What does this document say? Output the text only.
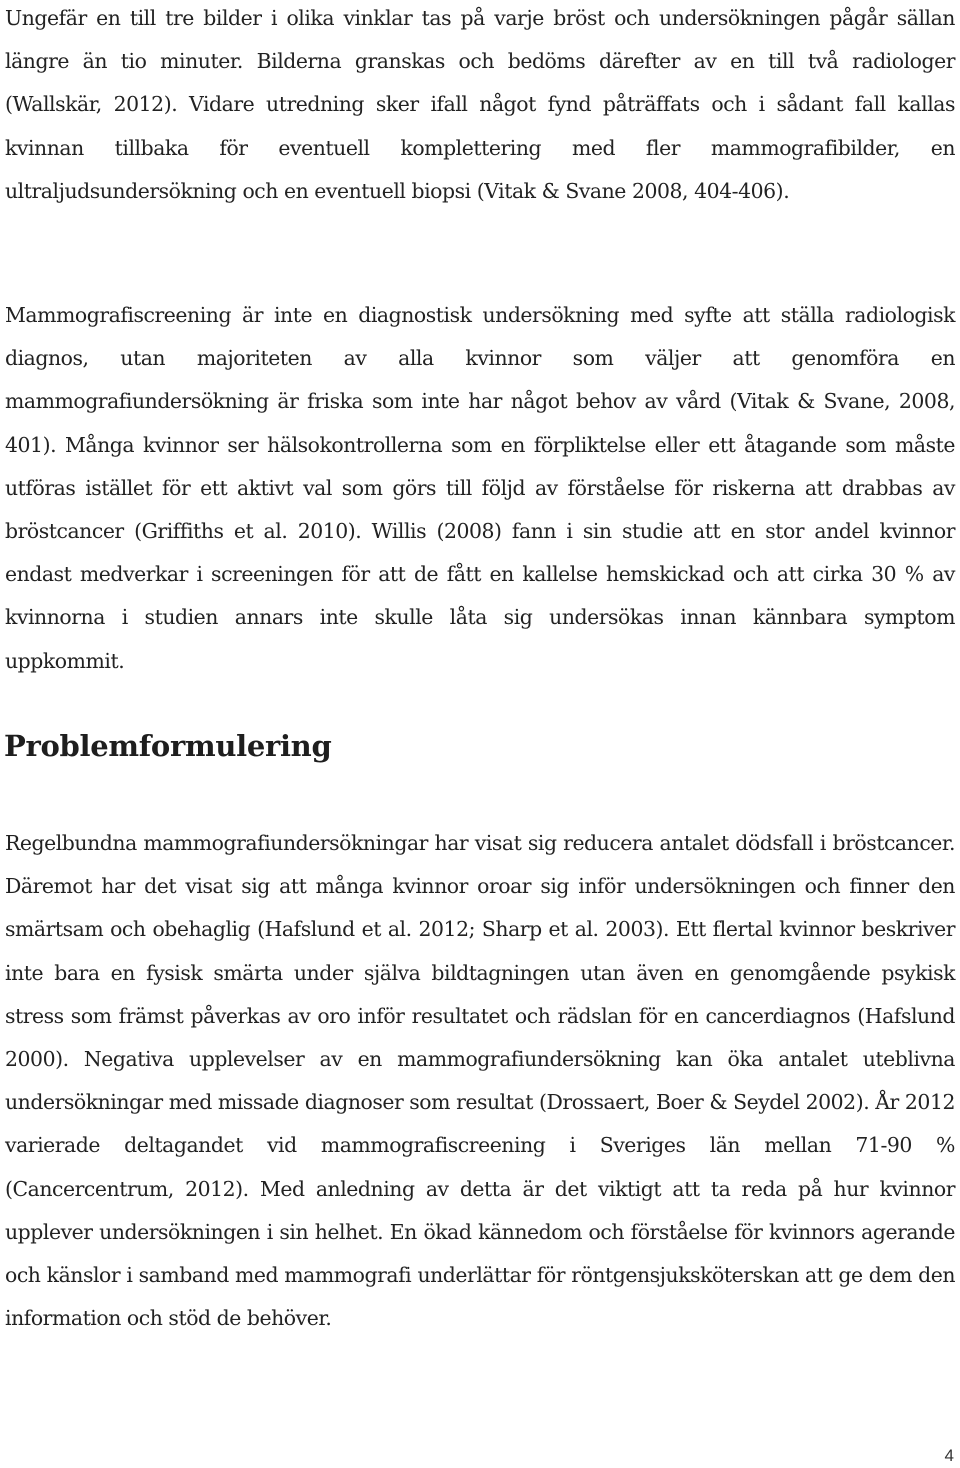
Ungefär en till tre bilder i olika vinklar tas på varje bröst och undersökningen pågår sällan längre än tio minuter. Bilderna granskas och bedöms därefter av en till två radiologer (Wallskär, 2012). Vidare utredning sker ifall något fynd påträffats och i sådant fall kallas kvinnan tillbaka för eventuell komplettering med fler mammografibilder, en ultraljudsundersökning och en eventuell biopsi (Vitak & Svane 2008, 404-406).

Mammografiscreening är inte en diagnostisk undersökning med syfte att ställa radiologisk diagnos, utan majoriteten av alla kvinnor som väljer att genomföra en mammografiundersökning är friska som inte har något behov av vård (Vitak & Svane, 2008, 401). Många kvinnor ser hälsokontrollerna som en förpliktelse eller ett åtagande som måste utföras istället för ett aktivt val som görs till följd av förståelse för riskerna att drabbas av bröstcancer (Griffiths et al. 2010). Willis (2008) fann i sin studie att en stor andel kvinnor endast medverkar i screeningen för att de fått en kallelse hemskickad och att cirka 30 % av kvinnorna i studien annars inte skulle låta sig undersökas innan kännbara symptom uppkommit.

Problemformulering

Regelbundna mammografiundersökningar har visat sig reducera antalet dödsfall i bröstcancer. Däremot har det visat sig att många kvinnor oroar sig inför undersökningen och finner den smärtsam och obehaglig (Hafslund et al. 2012; Sharp et al. 2003). Ett flertal kvinnor beskriver inte bara en fysisk smärta under själva bildtagningen utan även en genomgående psykisk stress som främst påverkas av oro inför resultatet och rädslan för en cancerdiagnos (Hafslund 2000). Negativa upplevelser av en mammografiundersökning kan öka antalet uteblivna undersökningar med missade diagnoser som resultat (Drossaert, Boer & Seydel 2002). År 2012 varierade deltagandet vid mammografiscreening i Sveriges län mellan 71-90 % (Cancercentrum, 2012). Med anledning av detta är det viktigt att ta reda på hur kvinnor upplever undersökningen i sin helhet. En ökad kännedom och förståelse för kvinnors agerande och känslor i samband med mammografi underlättar för röntgensjuksköterskan att ge dem den information och stöd de behöver.

4
